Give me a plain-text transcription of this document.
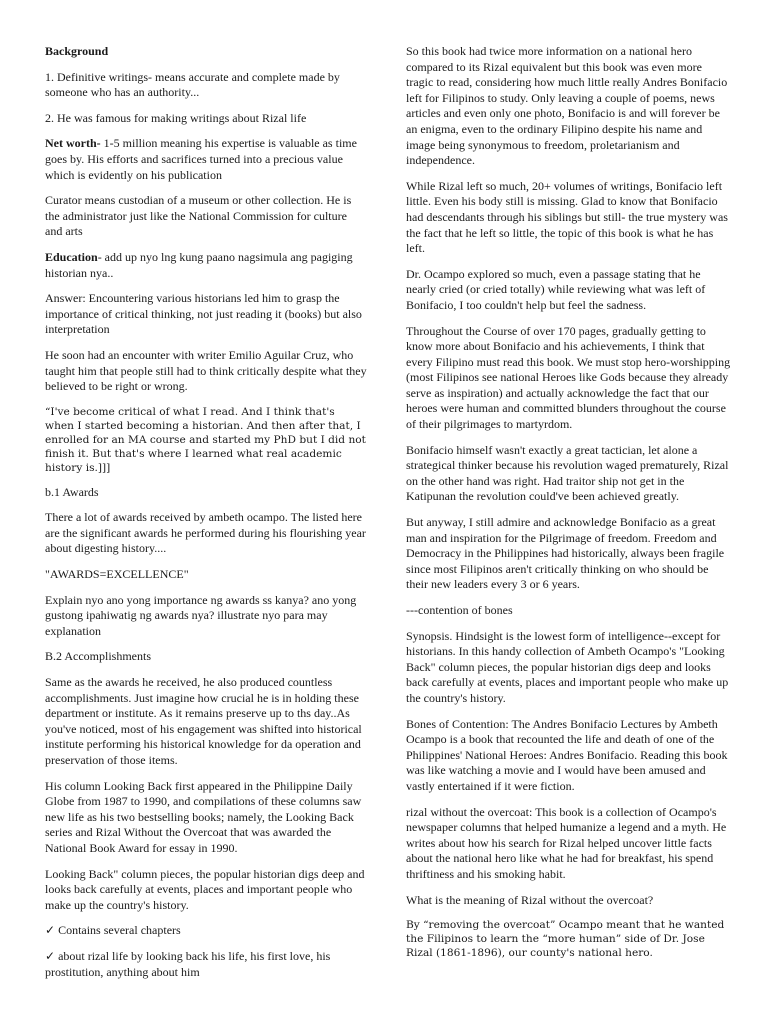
Background

1. Definitive writings- means accurate and complete made by someone who has an authority...

2. He was famous for making writings about Rizal life

Net worth- 1-5 million meaning his expertise is valuable as time goes by. His efforts and sacrifices turned into a precious value which is evidently on his publication

Curator means custodian of a museum or other collection. He is the administrator just like the National Commission for culture and arts

Education- add up nyo lng kung paano nagsimula ang pagiging historian nya..

Answer: Encountering various historians led him to grasp the importance of critical thinking, not just reading it (books) but also interpretation

He soon had an encounter with writer Emilio Aguilar Cruz, who taught him that people still had to think critically despite what they believed to be right or wrong.

“I've become critical of what I read. And I think that's when I started becoming a historian. And then after that, I enrolled for an MA course and started my PhD but I did not finish it. But that's where I learned what real academic history is.]]]

b.1 Awards

There a lot of awards received by ambeth ocampo. The listed here are the significant awards he performed during his flourishing year about digesting history....

"AWARDS=EXCELLENCE"

Explain nyo ano yong importance ng awards ss kanya? ano yong gustong ipahiwatig ng awards nya? illustrate nyo para may explanation

B.2 Accomplishments

Same as the awards he received, he also produced countless accomplishments. Just imagine how crucial he is in holding these department or institute. As it remains preserve up to ths day..As you've noticed, most of his engagement was shifted into historical institute performing his historical knowledge for da operation and preservation of those items.

His column Looking Back first appeared in the Philippine Daily Globe from 1987 to 1990, and compilations of these columns saw new life as his two bestselling books; namely, the Looking Back series and Rizal Without the Overcoat that was awarded the National Book Award for essay in 1990.

Looking Back" column pieces, the popular historian digs deep and looks back carefully at events, places and important people who make up the country's history.

✓ Contains several chapters

✓ about rizal life by looking back his life, his first love, his prostitution, anything about him

So this book had twice more information on a national hero compared to its Rizal equivalent but this book was even more tragic to read, considering how much little really Andres Bonifacio left for Filipinos to study. Only leaving a couple of poems, news articles and even only one photo, Bonifacio is and will forever be an enigma, even to the ordinary Filipino despite his name and image being synonymous to freedom, proletarianism and independence.

While Rizal left so much, 20+ volumes of writings, Bonifacio left little. Even his body still is missing. Glad to know that Bonifacio had descendants through his siblings but still- the true mystery was the fact that he left so little, the topic of this book is what he has left.

Dr. Ocampo explored so much, even a passage stating that he nearly cried (or cried totally) while reviewing what was left of Bonifacio, I too couldn't help but feel the sadness.

Throughout the Course of over 170 pages, gradually getting to know more about Bonifacio and his achievements, I think that every Filipino must read this book. We must stop hero-worshipping (most Filipinos see national Heroes like Gods because they already serve as inspiration) and actually acknowledge the fact that our heroes were human and committed blunders throughout the course of their pilgrimages to martyrdom.

Bonifacio himself wasn't exactly a great tactician, let alone a strategical thinker because his revolution waged prematurely, Rizal on the other hand was right. Had traitor ship not get in the Katipunan the revolution could've been achieved greatly.

But anyway, I still admire and acknowledge Bonifacio as a great man and inspiration for the Pilgrimage of freedom. Freedom and Democracy in the Philippines had historically, always been fragile since most Filipinos aren't critically thinking on who should be their new leaders every 3 or 6 years.

---contention of bones

Synopsis. Hindsight is the lowest form of intelligence--except for historians. In this handy collection of Ambeth Ocampo's "Looking Back" column pieces, the popular historian digs deep and looks back carefully at events, places and important people who make up the country's history.

Bones of Contention: The Andres Bonifacio Lectures by Ambeth Ocampo is a book that recounted the life and death of one of the Philippines' National Heroes: Andres Bonifacio. Reading this book was like watching a movie and I would have been amused and vastly entertained if it were fiction.

rizal without the overcoat: This book is a collection of Ocampo's newspaper columns that helped humanize a legend and a myth. He writes about how his search for Rizal helped uncover little facts about the national hero like what he had for breakfast, his spend thriftiness and his smoking habit.

What is the meaning of Rizal without the overcoat?

By “removing the overcoat” Ocampo meant that he wanted the Filipinos to learn the “more human” side of Dr. Jose Rizal (1861-1896), our county's national hero.
